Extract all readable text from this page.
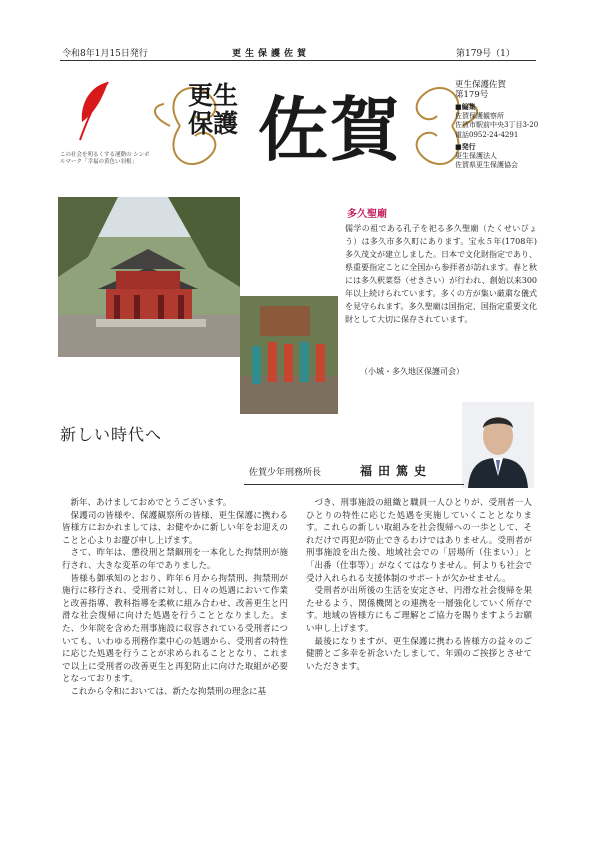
令和8年1月15日発行	更生保護佐賀	第179号（1）
この社会を明るくする運動の シンボルマーク「幸福の黄色い羽根」
更生
保護 佐賀
更生保護佐賀
第179号
■編集
佐賀保護観察所
佐賀市駅前中央3丁目3-20
電話0952-24-4291
■発行
更生保護法人
佐賀県更生保護協会
多久聖廟
儒学の祖である孔子を祀る多久聖廟（たくせいびょう）は多久市多久町にあります。宝永５年(1708年)多久茂文が建立しました。日本で文化財指定であり、県重要指定ことに全国から参拝者が訪れます。春と秋には多久釈菜祭（せきさい）が行われ、創始以来300年以上続けられています。多くの方が集い厳粛な儀式を見守られます。多久聖廟は国指定、国指定重要文化財として大切に保存されています。
（小城・多久地区保護司会）
新しい時代へ
佐賀少年刑務所長	福田篤史

新年、あけましておめでとうございます。

保護司の皆様や、保護観察所の皆様、更生保護に携わる皆様方におかれましては、お健やかに新しい年をお迎えのことと心よりお慶び申し上げます。

さて、昨年は、懲役刑と禁錮刑を一本化した拘禁刑が施行され、大きな変革の年でありました。

皆様も御承知のとおり、昨年６月から拘禁刑、拘禁刑が施行に移行され、受刑者に対し、日々の処遇において作業と改善指導、教科指導を柔軟に組み合わせ、改善更生と円滑な社会復帰に向けた処遇を行うこととなりました。また、少年院を含めた刑事施設に収容されている受刑者についても、いわゆる刑務作業中心の処遇から、受刑者の特性に応じた処遇を行うことが求められることとなり、これまで以上に受刑者の改善更生と再犯防止に向けた取組が必要となっております。

これから令和においては、新たな拘禁刑の理念に基

づき、刑事施設の組織と職員一人ひとりが、受刑者一人ひとりの特性に応じた処遇を実施していくこととなります。これらの新しい取組みを社会復帰への一歩として、それだけで再犯が防止できるわけではありません。受刑者が刑事施設を出た後、地域社会での「居場所（住まい）」と「出番（仕事等）」がなくてはなりません。何よりも社会で受け入れられる支援体制のサポートが欠かせません。

受刑者が出所後の生活を安定させ、円滑な社会復帰を果たせるよう、関係機関との連携を一層強化していく所存です。地域の皆様方にもご理解とご協力を賜りますようお願い申し上げます。

最後になりますが、更生保護に携わる皆様方の益々のご健勝とご多幸を祈念いたしまして、年頭のご挨拶とさせていただきます。
